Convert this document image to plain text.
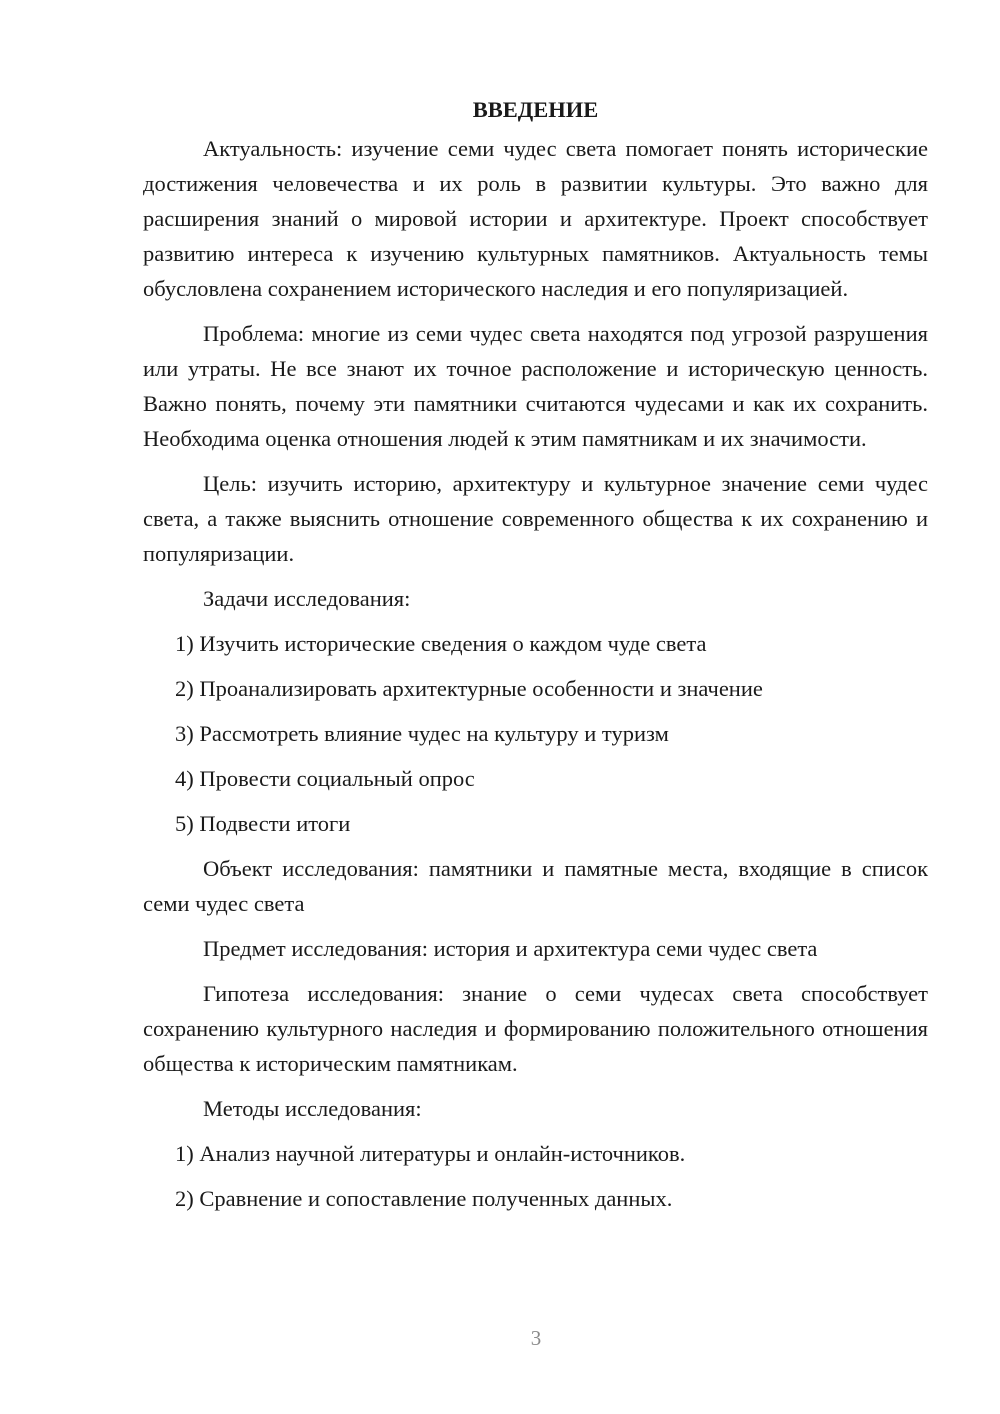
ВВЕДЕНИЕ

Актуальность: изучение семи чудес света помогает понять исторические достижения человечества и их роль в развитии культуры. Это важно для расширения знаний о мировой истории и архитектуре. Проект способствует развитию интереса к изучению культурных памятников. Актуальность темы обусловлена сохранением исторического наследия и его популяризацией.

Проблема: многие из семи чудес света находятся под угрозой разрушения или утраты. Не все знают их точное расположение и историческую ценность. Важно понять, почему эти памятники считаются чудесами и как их сохранить. Необходима оценка отношения людей к этим памятникам и их значимости.

Цель: изучить историю, архитектуру и культурное значение семи чудес света, а также выяснить отношение современного общества к их сохранению и популяризации.

Задачи исследования:

1) Изучить исторические сведения о каждом чуде света

2) Проанализировать архитектурные особенности и значение

3) Рассмотреть влияние чудес на культуру и туризм

4) Провести социальный опрос

5) Подвести итоги

Объект исследования: памятники и памятные места, входящие в список семи чудес света

Предмет исследования: история и архитектура семи чудес света

Гипотеза исследования: знание о семи чудесах света способствует сохранению культурного наследия и формированию положительного отношения общества к историческим памятникам.

Методы исследования:

1) Анализ научной литературы и онлайн-источников.

2) Сравнение и сопоставление полученных данных.

3
